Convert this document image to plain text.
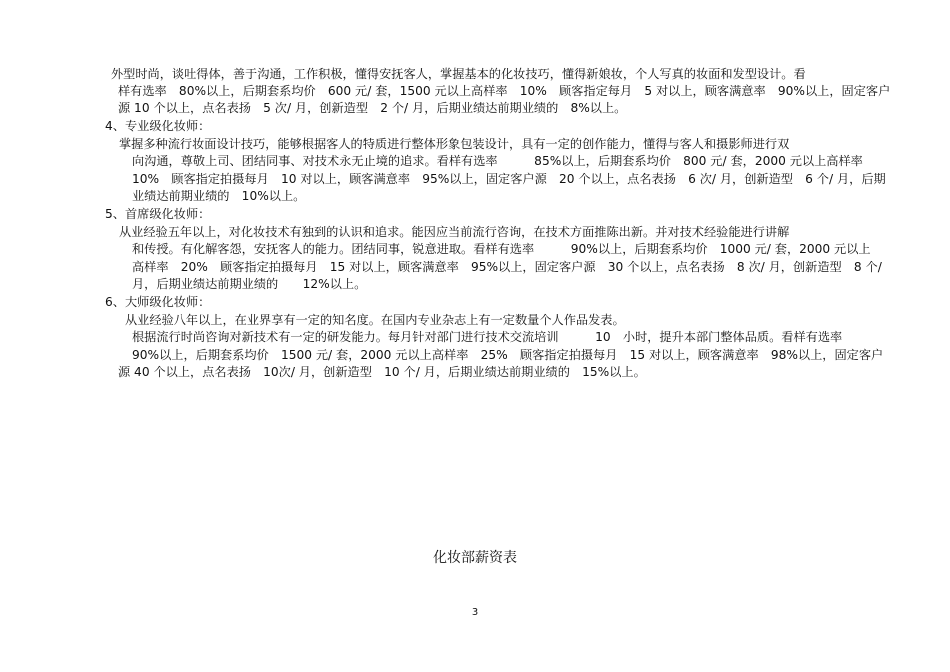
外型时尚，谈吐得体，善于沟通，工作积极，懂得安抚客人，掌握基本的化妆技巧，懂得新娘妆，个人写真的妆面和发型设计。看
样有选率　80%以上，后期套系均价　600 元/ 套，1500 元以上高样率　10%　顾客指定每月　5 对以上，顾客满意率　90%以上，固定客户
源 10 个以上，点名表扬　5 次/ 月，创新造型　2 个/ 月，后期业绩达前期业绩的　8%以上。
4、专业级化妆师：
掌握多种流行妆面设计技巧，能够根据客人的特质进行整体形象包装设计，具有一定的创作能力，懂得与客人和摄影师进行双
向沟通，尊敬上司、团结同事、对技术永无止境的追求。看样有选率　　　85%以上，后期套系均价　800 元/ 套，2000 元以上高样率
10%　顾客指定拍摄每月　10 对以上，顾客满意率　95%以上，固定客户源　20 个以上，点名表扬　6 次/ 月，创新造型　6 个/ 月，后期
业绩达前期业绩的　10%以上。
5、首席级化妆师：
从业经验五年以上，对化妆技术有独到的认识和追求。能因应当前流行咨询，在技术方面推陈出新。并对技术经验能进行讲解
和传授。有化解客怨，安抚客人的能力。团结同事，锐意进取。看样有选率　　　90%以上，后期套系均价　1000 元/ 套，2000 元以上
高样率　20%　顾客指定拍摄每月　15 对以上，顾客满意率　95%以上，固定客户源　30 个以上，点名表扬　8 次/ 月，创新造型　8 个/
月，后期业绩达前期业绩的　　12%以上。
6、大师级化妆师：
从业经验八年以上，在业界享有一定的知名度。在国内专业杂志上有一定数量个人作品发表。
根据流行时尚咨询对新技术有一定的研发能力。每月针对部门进行技术交流培训　　　10　小时，提升本部门整体品质。看样有选率
90%以上，后期套系均价　1500 元/ 套，2000 元以上高样率　25%　顾客指定拍摄每月　15 对以上，顾客满意率　98%以上，固定客户
源 40 个以上，点名表扬　10次/ 月，创新造型　10 个/ 月，后期业绩达前期业绩的　15%以上。
化妆部薪资表
3
